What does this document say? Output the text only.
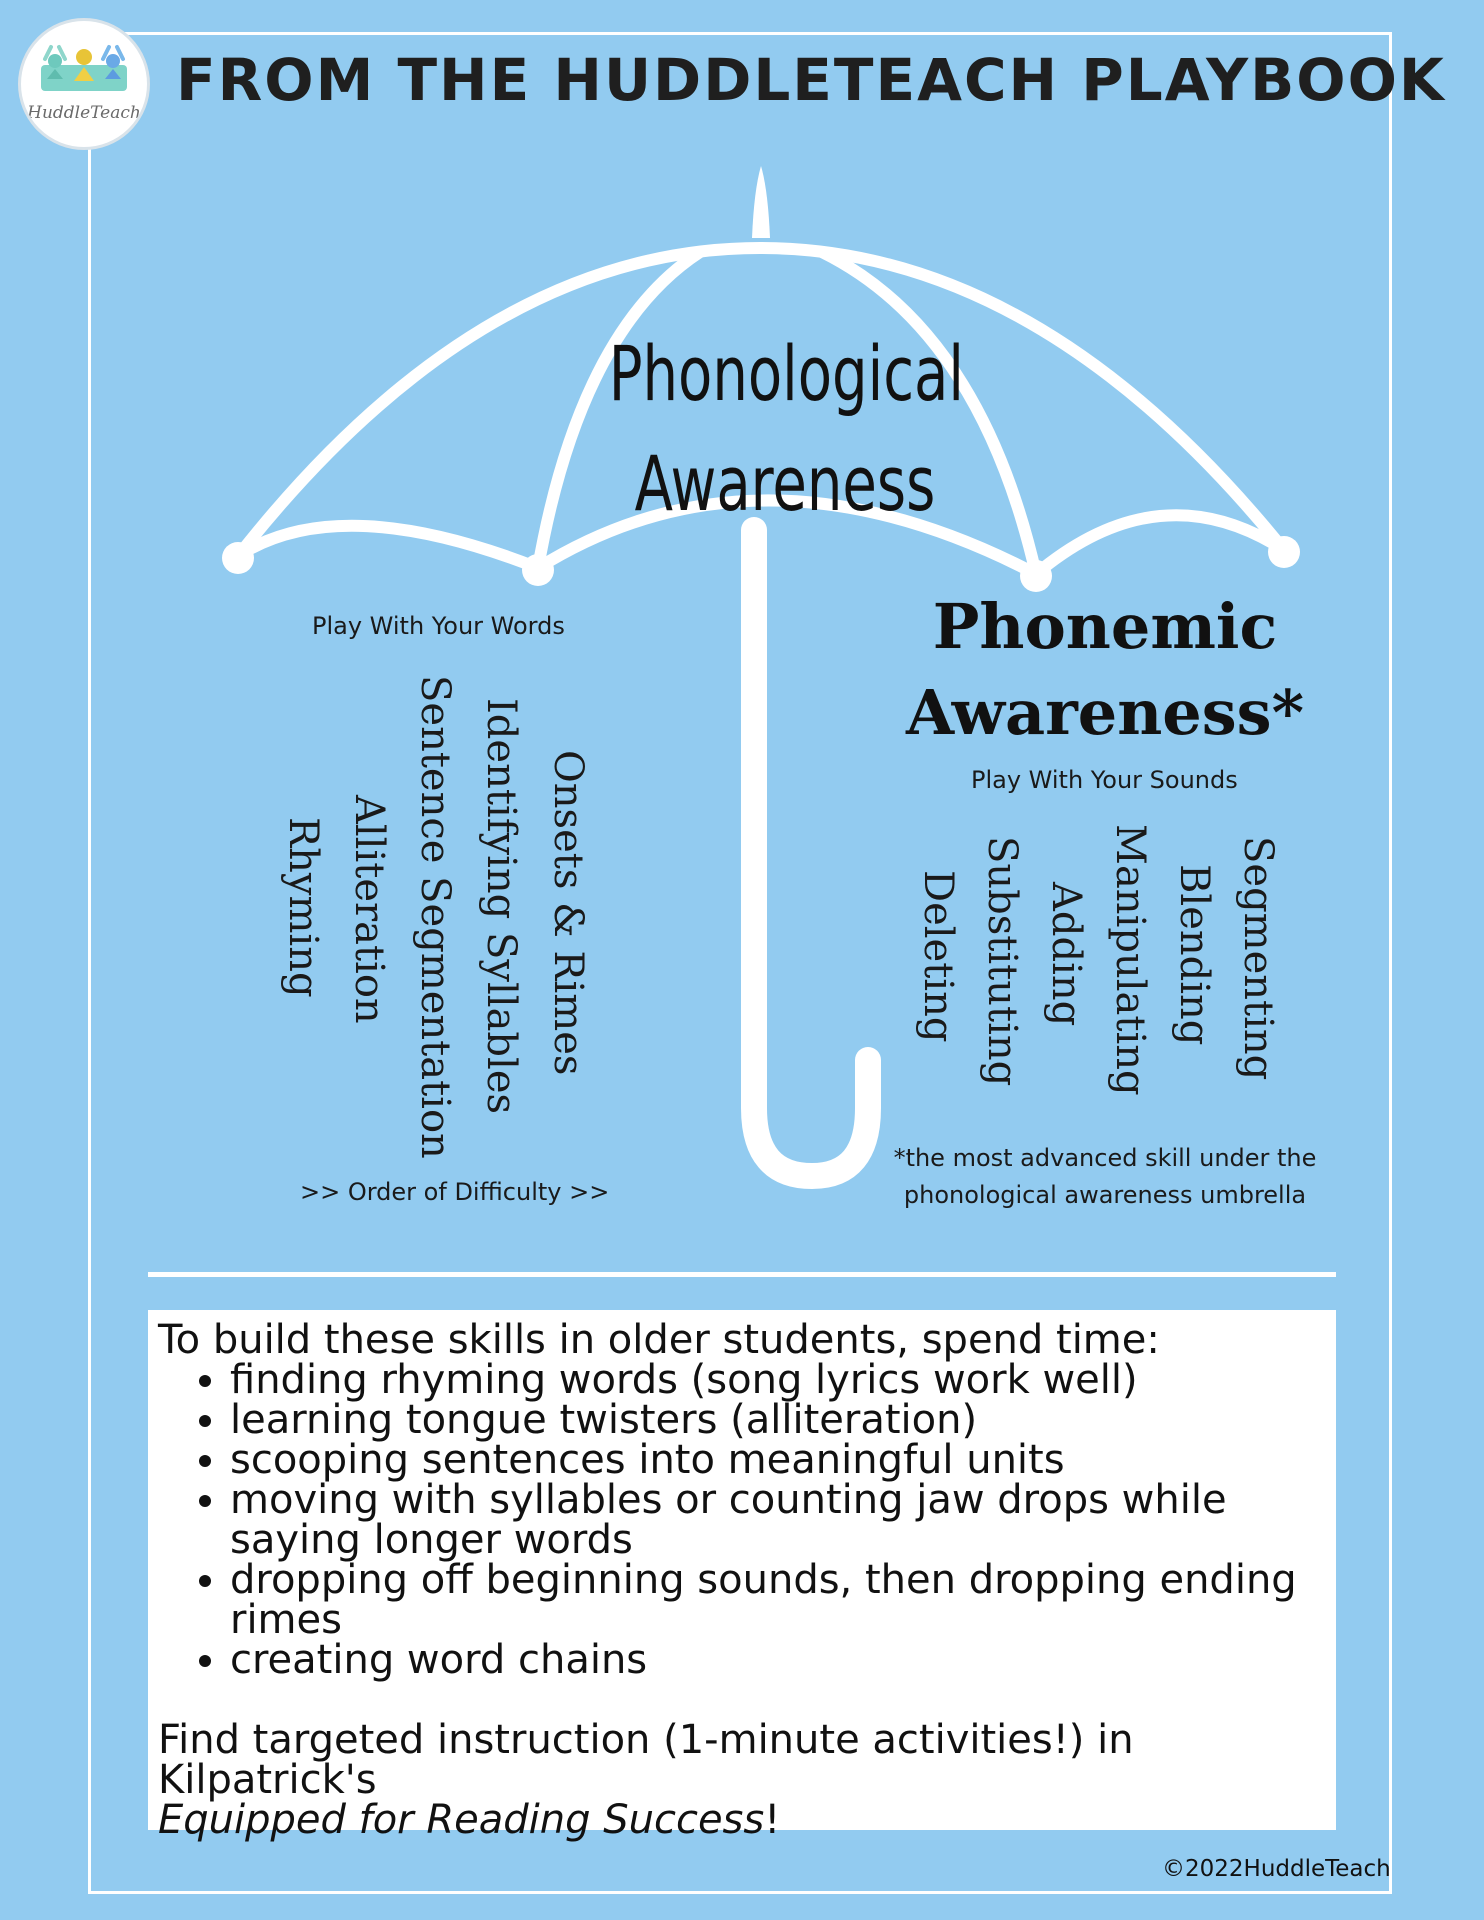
HuddleTeach FROM THE HUDDLETEACH PLAYBOOK
Phonological
Awareness
Play With Your Words
Onsets & Rimes
Identifying Syllables
Sentence Segmentation
Alliteration
Rhyming
>> Order of Difficulty >>
Phonemic
Awareness*
Play With Your Sounds
Segmenting
Blending
Manipulating
Adding
Substituting
Deleting
*the most advanced skill under the
phonological awareness umbrella
To build these skills in older students, spend time:
• finding rhyming words (song lyrics work well)
• learning tongue twisters (alliteration)
• scooping sentences into meaningful units
• moving with syllables or counting jaw drops while saying longer words
• dropping off beginning sounds, then dropping ending rimes
• creating word chains
Find targeted instruction (1-minute activities!) in Kilpatrick's
Equipped for Reading Success!
©2022HuddleTeach
